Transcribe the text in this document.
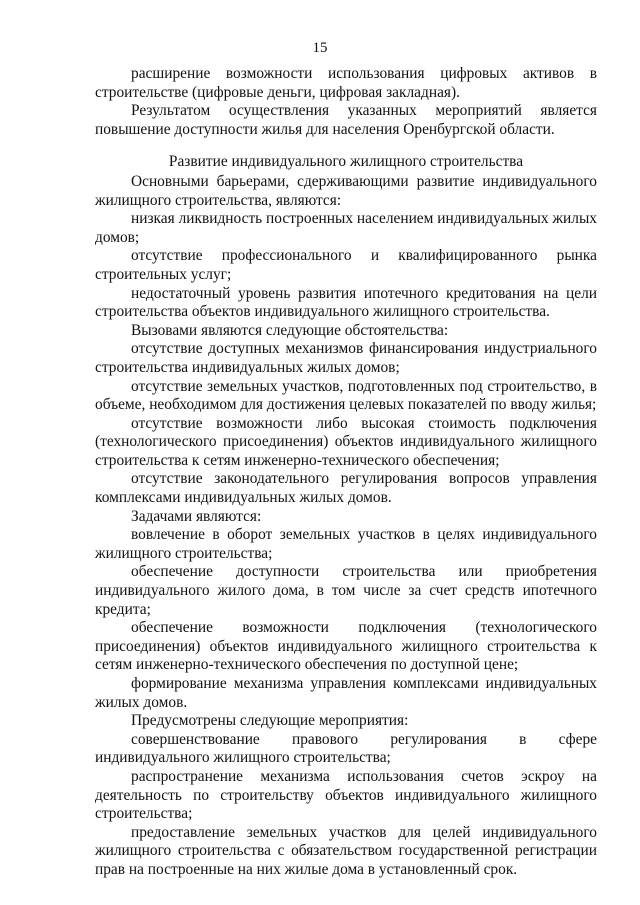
15

расширение возможности использования цифровых активов в строительстве (цифровые деньги, цифровая закладная).

Результатом осуществления указанных мероприятий является повышение доступности жилья для населения Оренбургской области.

Развитие индивидуального жилищного строительства

Основными барьерами, сдерживающими развитие индивидуального жилищного строительства, являются:

низкая ликвидность построенных населением индивидуальных жилых домов;

отсутствие профессионального и квалифицированного рынка строительных услуг;

недостаточный уровень развития ипотечного кредитования на цели строительства объектов индивидуального жилищного строительства.

Вызовами являются следующие обстоятельства:

отсутствие доступных механизмов финансирования индустриального строительства индивидуальных жилых домов;

отсутствие земельных участков, подготовленных под строительство, в объеме, необходимом для достижения целевых показателей по вводу жилья;

отсутствие возможности либо высокая стоимость подключения (технологического присоединения) объектов индивидуального жилищного строительства к сетям инженерно-технического обеспечения;

отсутствие законодательного регулирования вопросов управления комплексами индивидуальных жилых домов.

Задачами являются:

вовлечение в оборот земельных участков в целях индивидуального жилищного строительства;

обеспечение доступности строительства или приобретения индивидуального жилого дома, в том числе за счет средств ипотечного кредита;

обеспечение возможности подключения (технологического присоединения) объектов индивидуального жилищного строительства к сетям инженерно-технического обеспечения по доступной цене;

формирование механизма управления комплексами индивидуальных жилых домов.

Предусмотрены следующие мероприятия:

совершенствование правового регулирования в сфере индивидуального жилищного строительства;

распространение механизма использования счетов эскроу на деятельность по строительству объектов индивидуального жилищного строительства;

предоставление земельных участков для целей индивидуального жилищного строительства с обязательством государственной регистрации прав на построенные на них жилые дома в установленный срок.
